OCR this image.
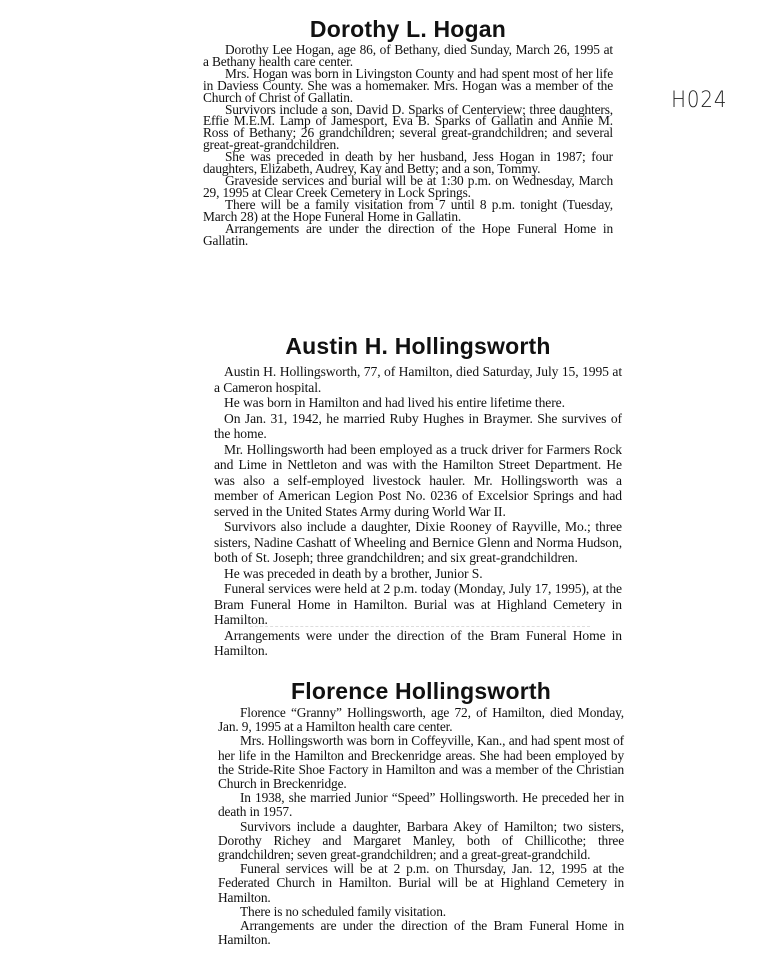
H024
Dorothy L. Hogan

Dorothy Lee Hogan, age 86, of Bethany, died Sunday, March 26, 1995 at a Bethany health care center.

Mrs. Hogan was born in Livingston County and had spent most of her life in Daviess County. She was a homemaker. Mrs. Hogan was a member of the Church of Christ of Gallatin.

Survivors include a son, David D. Sparks of Centerview; three daughters, Effie M.E.M. Lamp of Jamesport, Eva B. Sparks of Gallatin and Annie M. Ross of Bethany; 26 grandchildren; several great-grandchildren; and several great-great-grandchildren.

She was preceded in death by her husband, Jess Hogan in 1987; four daughters, Elizabeth, Audrey, Kay and Betty; and a son, Tommy.

Graveside services and burial will be at 1:30 p.m. on Wednesday, March 29, 1995 at Clear Creek Cemetery in Lock Springs.

There will be a family visitation from 7 until 8 p.m. tonight (Tuesday, March 28) at the Hope Funeral Home in Gallatin.

Arrangements are under the direction of the Hope Funeral Home in Gallatin.

Austin H. Hollingsworth

Austin H. Hollingsworth, 77, of Hamilton, died Saturday, July 15, 1995 at a Cameron hospital.

He was born in Hamilton and had lived his entire lifetime there.

On Jan. 31, 1942, he married Ruby Hughes in Braymer. She survives of the home.

Mr. Hollingsworth had been employed as a truck driver for Farmers Rock and Lime in Nettleton and was with the Hamilton Street Department. He was also a self-employed livestock hauler. Mr. Hollingsworth was a member of American Legion Post No. 0236 of Excelsior Springs and had served in the United States Army during World War II.

Survivors also include a daughter, Dixie Rooney of Rayville, Mo.; three sisters, Nadine Cashatt of Wheeling and Bernice Glenn and Norma Hudson, both of St. Joseph; three grandchildren; and six great-grandchildren.

He was preceded in death by a brother, Junior S.

Funeral services were held at 2 p.m. today (Monday, July 17, 1995), at the Bram Funeral Home in Hamilton. Burial was at Highland Cemetery in Hamilton.

Arrangements were under the direction of the Bram Funeral Home in Hamilton.

Florence Hollingsworth

Florence “Granny” Hollingsworth, age 72, of Hamilton, died Monday, Jan. 9, 1995 at a Hamilton health care center.

Mrs. Hollingsworth was born in Coffeyville, Kan., and had spent most of her life in the Hamilton and Breckenridge areas. She had been employed by the Stride-Rite Shoe Factory in Hamilton and was a member of the Christian Church in Breckenridge.

In 1938, she married Junior “Speed” Hollingsworth. He preceded her in death in 1957.

Survivors include a daughter, Barbara Akey of Hamilton; two sisters, Dorothy Richey and Margaret Manley, both of Chillicothe; three grandchildren; seven great-grandchildren; and a great-great-grandchild.

Funeral services will be at 2 p.m. on Thursday, Jan. 12, 1995 at the Federated Church in Hamilton. Burial will be at Highland Cemetery in Hamilton.

There is no scheduled family visitation.

Arrangements are under the direction of the Bram Funeral Home in Hamilton.
